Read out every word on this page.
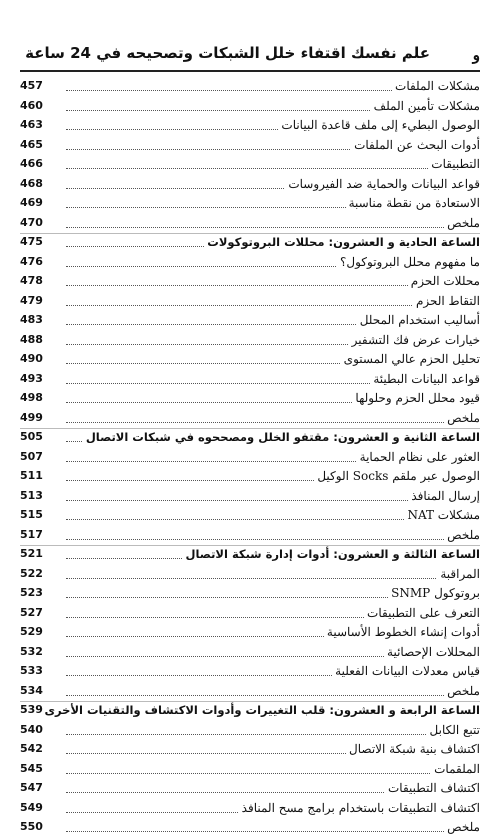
علم نفسك اقتفاء خلل الشبكات وتصحيحه في 24 ساعة	و
مشكلات الملفات
457
مشكلات تأمين الملف
460
الوصول البطيء إلى ملف قاعدة البيانات
463
أدوات البحث عن الملفات
465
التطبيقات
466
قواعد البيانات والحماية ضد الفيروسات
468
الاستعادة من نقطة مناسبة
469
ملخص
470
الساعة الحادية و العشرون: محللات البروتوكولات
475
ما مفهوم محلل البروتوكول؟
476
محللات الحزم
478
التقاط الحزم
479
أساليب استخدام المحلل
483
خيارات عرض فك التشفير
488
تحليل الحزم عالي المستوى
490
قواعد البيانات البطيئة
493
قيود محلل الحزم وحلولها
498
ملخص
499
الساعة الثانية و العشرون: مقتفو الخلل ومصححوه في شبكات الاتصال
505
العثور على نظام الحماية
507
الوصول عبر ملقم Socks الوكيل
511
إرسال المنافذ
513
مشكلات NAT
515
ملخص
517
الساعة الثالثة و العشرون: أدوات إدارة شبكة الاتصال
521
المراقبة
522
بروتوكول SNMP
523
التعرف على التطبيقات
527
أدوات إنشاء الخطوط الأساسية
529
المحللات الإحصائية
532
قياس معدلات البيانات الفعلية
533
ملخص
534
الساعة الرابعة و العشرون: قلب التغييرات وأدوات الاكتشاف والتقنيات الأخرى
539
تتبع الكابل
540
اكتشاف بنية شبكة الاتصال
542
الملقمات
545
اكتشاف التطبيقات
547
اكتشاف التطبيقات باستخدام برامج مسح المنافذ
549
ملخص
550
